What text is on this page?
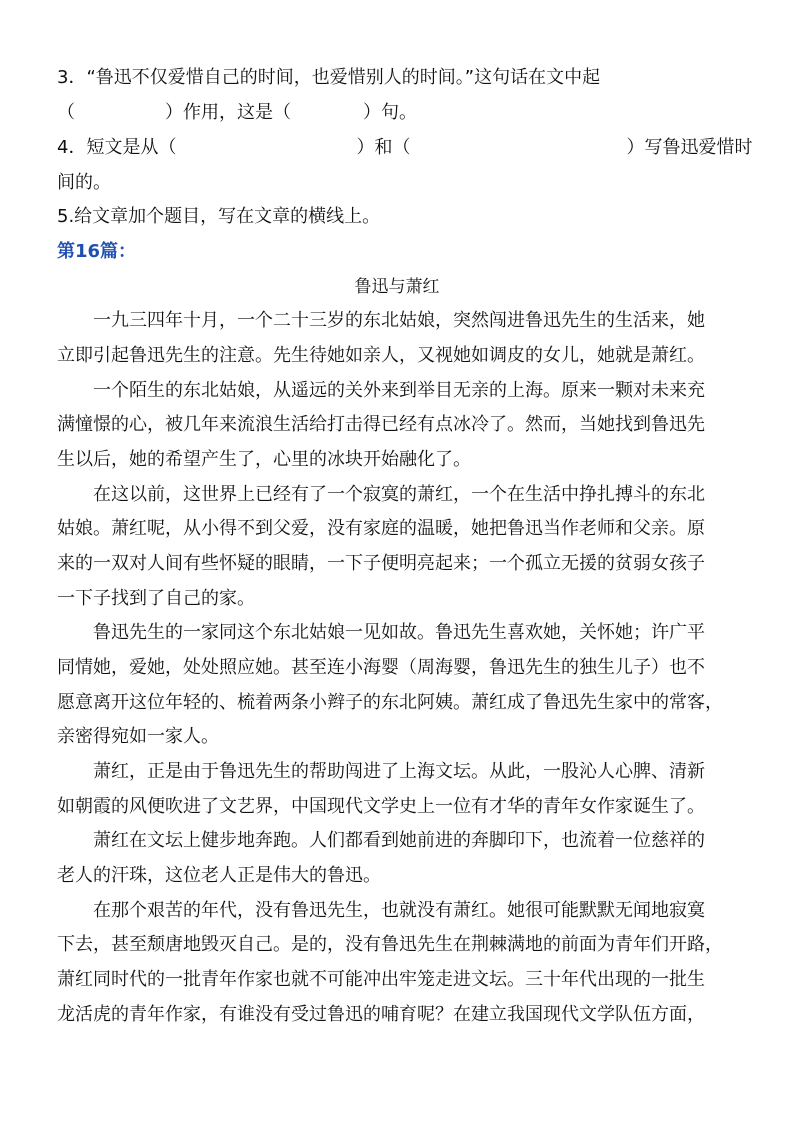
3．“鲁迅不仅爱惜自己的时间，也爱惜别人的时间。”这句话在文中起

（　　　　　）作用，这是（　　　　）句。

4．短文是从（　　　　　　　　　　）和（　　　　　　　　　　　　）写鲁迅爱惜时

间的。

5.给文章加个题目，写在文章的横线上。

第16篇：

鲁迅与萧红

一九三四年十月，一个二十三岁的东北姑娘，突然闯进鲁迅先生的生活来，她

立即引起鲁迅先生的注意。先生待她如亲人，又视她如调皮的女儿，她就是萧红。

一个陌生的东北姑娘，从遥远的关外来到举目无亲的上海。原来一颗对未来充

满憧憬的心，被几年来流浪生活给打击得已经有点冰冷了。然而，当她找到鲁迅先

生以后，她的希望产生了，心里的冰块开始融化了。

在这以前，这世界上已经有了一个寂寞的萧红，一个在生活中挣扎搏斗的东北

姑娘。萧红呢，从小得不到父爱，没有家庭的温暖，她把鲁迅当作老师和父亲。原

来的一双对人间有些怀疑的眼睛，一下子便明亮起来；一个孤立无援的贫弱女孩子

一下子找到了自己的家。

鲁迅先生的一家同这个东北姑娘一见如故。鲁迅先生喜欢她，关怀她；许广平

同情她，爱她，处处照应她。甚至连小海婴（周海婴，鲁迅先生的独生儿子）也不

愿意离开这位年轻的、梳着两条小辫子的东北阿姨。萧红成了鲁迅先生家中的常客，

亲密得宛如一家人。

萧红，正是由于鲁迅先生的帮助闯进了上海文坛。从此，一股沁人心脾、清新

如朝霞的风便吹进了文艺界，中国现代文学史上一位有才华的青年女作家诞生了。

萧红在文坛上健步地奔跑。人们都看到她前进的奔脚印下，也流着一位慈祥的

老人的汗珠，这位老人正是伟大的鲁迅。

在那个艰苦的年代，没有鲁迅先生，也就没有萧红。她很可能默默无闻地寂寞

下去，甚至颓唐地毁灭自己。是的，没有鲁迅先生在荆棘满地的前面为青年们开路，

萧红同时代的一批青年作家也就不可能冲出牢笼走进文坛。三十年代出现的一批生

龙活虎的青年作家，有谁没有受过鲁迅的哺育呢？在建立我国现代文学队伍方面，
